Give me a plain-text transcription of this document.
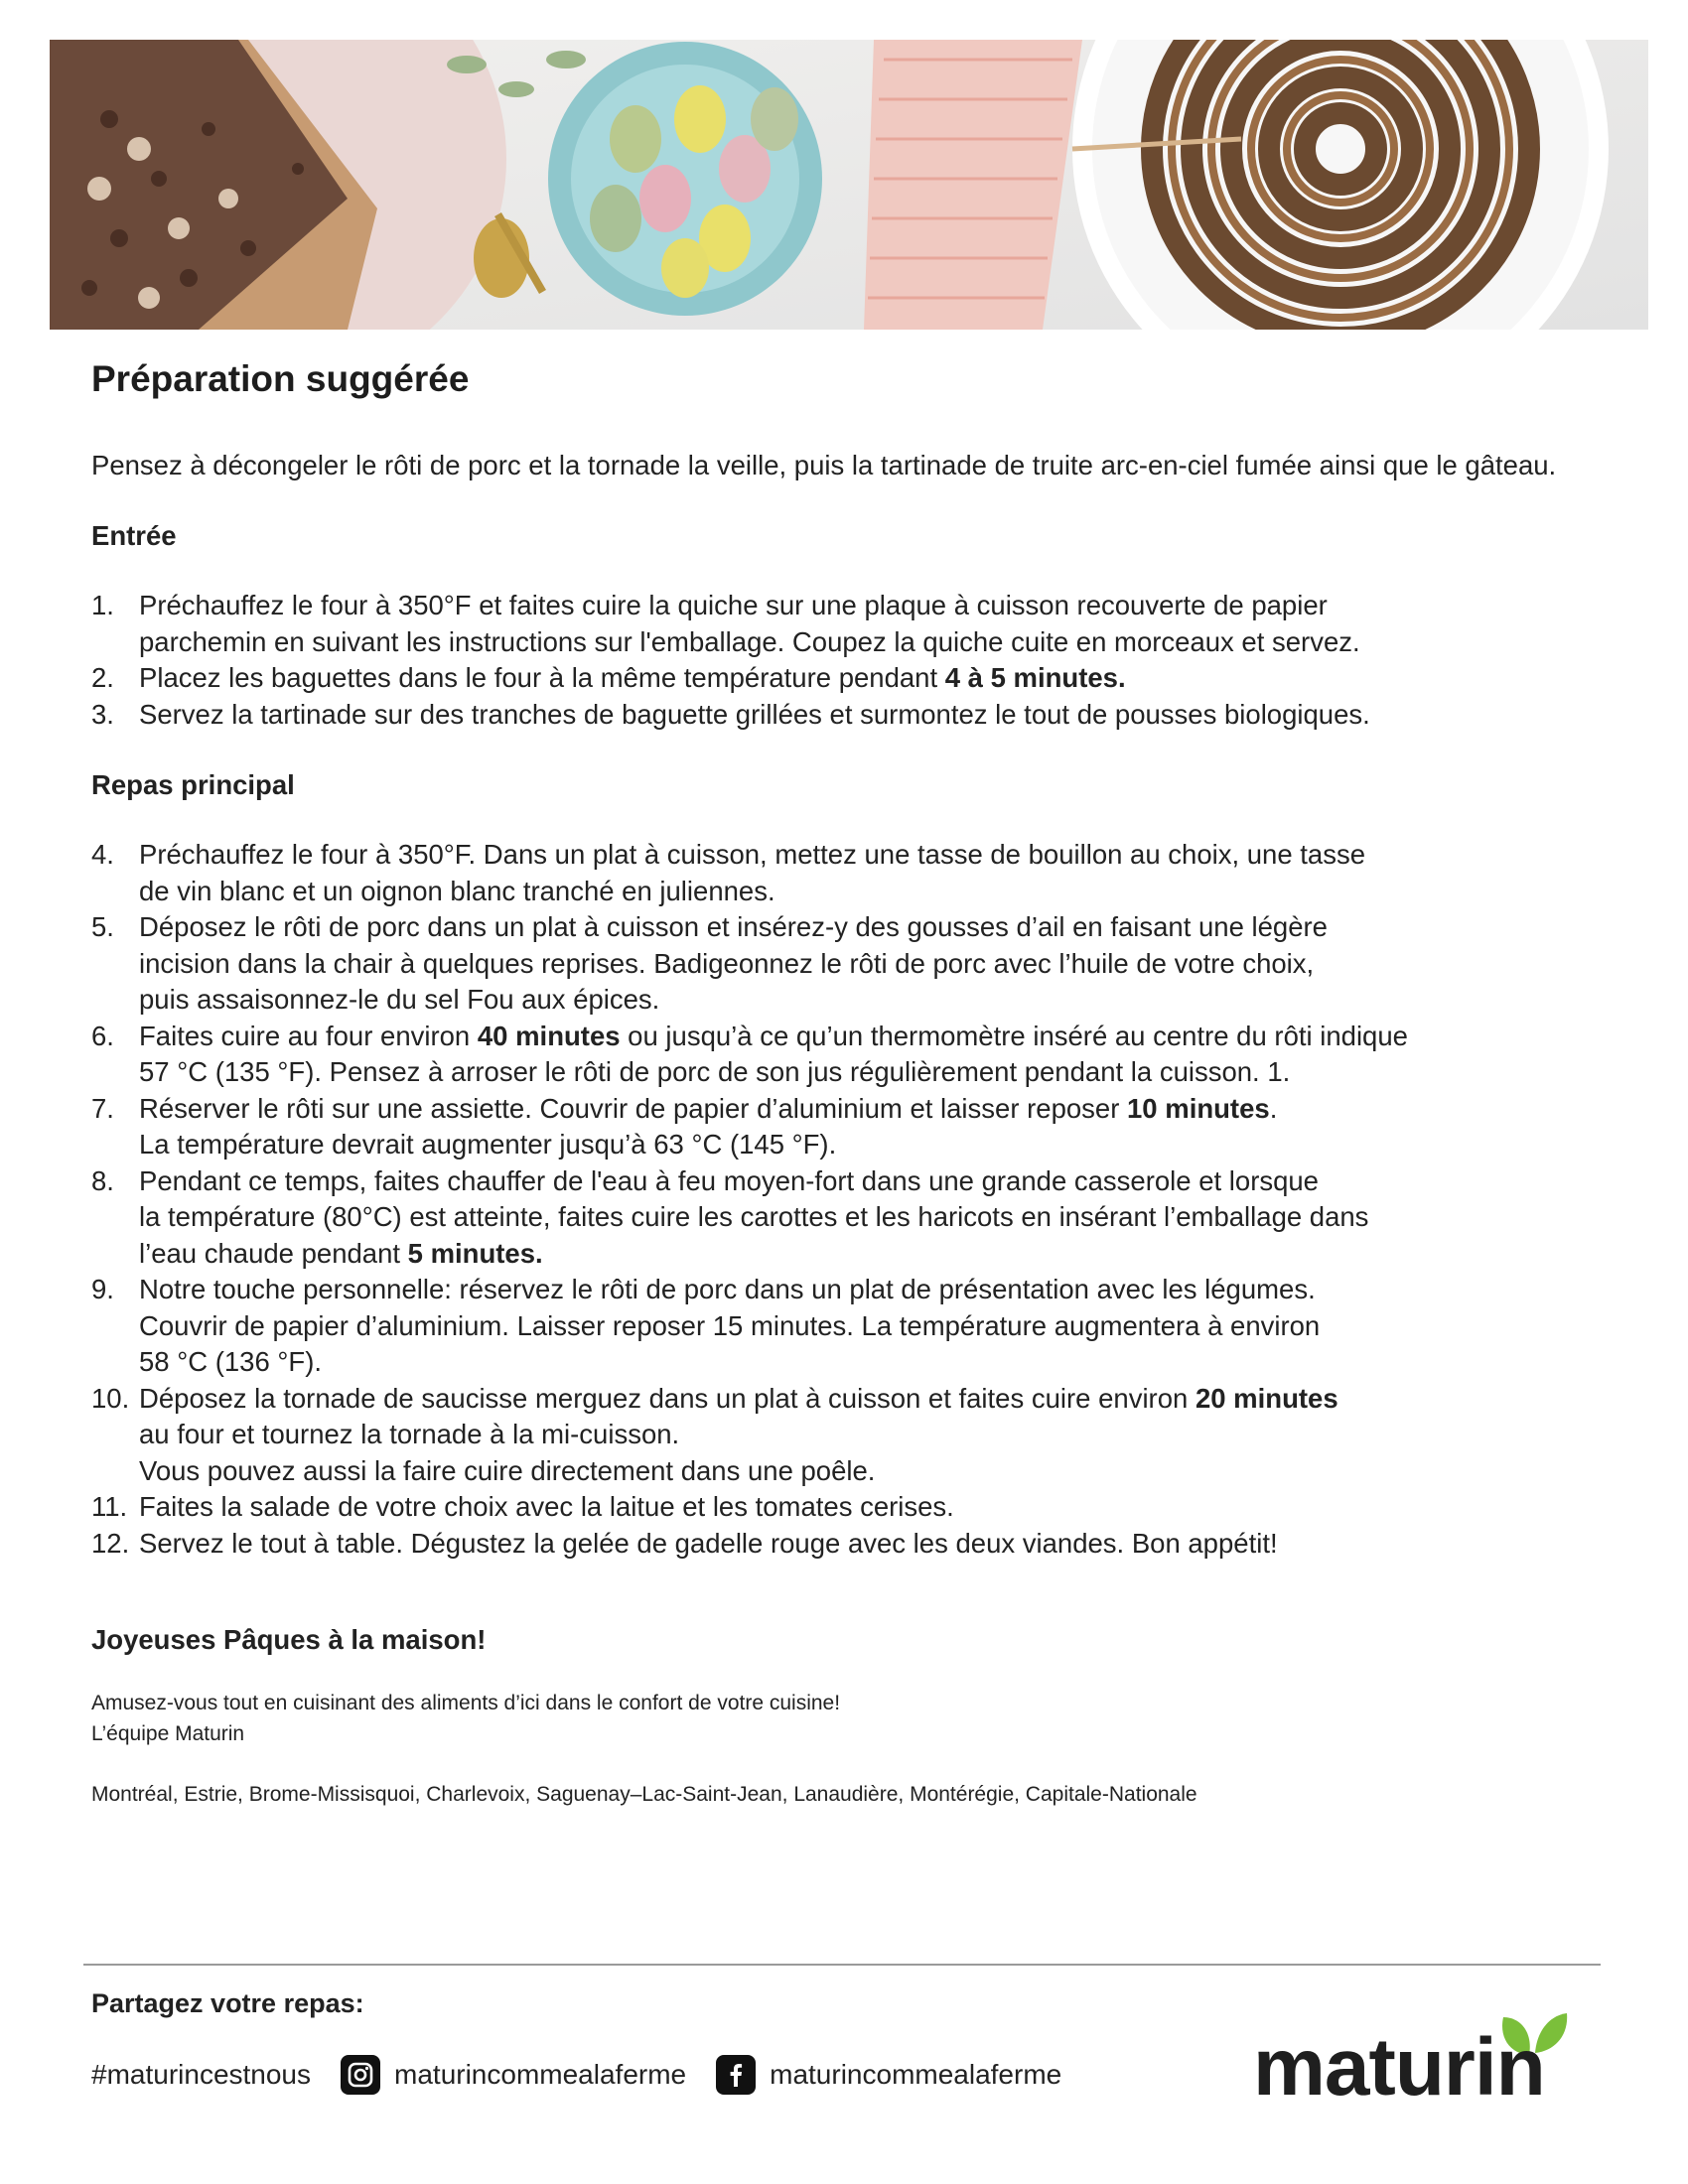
Préparation suggérée

Pensez à décongeler le rôti de porc et la tornade la veille, puis la tartinade de truite arc-en-ciel fumée ainsi que le gâteau.

Entrée
1. Préchauffez le four à 350°F et faites cuire la quiche sur une plaque à cuisson recouverte de papier
parchemin en suivant les instructions sur l'emballage. Coupez la quiche cuite en morceaux et servez.
2. Placez les baguettes dans le four à la même température pendant 4 à 5 minutes.
3. Servez la tartinade sur des tranches de baguette grillées et surmontez le tout de pousses biologiques.
Repas principal
4. Préchauffez le four à 350°F. Dans un plat à cuisson, mettez une tasse de bouillon au choix, une tasse
de vin blanc et un oignon blanc tranché en juliennes.
5. Déposez le rôti de porc dans un plat à cuisson et insérez-y des gousses d’ail en faisant une légère
incision dans la chair à quelques reprises. Badigeonnez le rôti de porc avec l’huile de votre choix,
puis assaisonnez-le du sel Fou aux épices.
6. Faites cuire au four environ 40 minutes ou jusqu’à ce qu’un thermomètre inséré au centre du rôti indique
57 °C (135 °F). Pensez à arroser le rôti de porc de son jus régulièrement pendant la cuisson. 1.
7. Réserver le rôti sur une assiette. Couvrir de papier d’aluminium et laisser reposer 10 minutes.
La température devrait augmenter jusqu’à 63 °C (145 °F).
8. Pendant ce temps, faites chauffer de l'eau à feu moyen-fort dans une grande casserole et lorsque
la température (80°C) est atteinte, faites cuire les carottes et les haricots en insérant l’emballage dans
l’eau chaude pendant 5 minutes.
9. Notre touche personnelle: réservez le rôti de porc dans un plat de présentation avec les légumes.
Couvrir de papier d’aluminium. Laisser reposer 15 minutes. La température augmentera à environ
58 °C (136 °F).
10. Déposez la tornade de saucisse merguez dans un plat à cuisson et faites cuire environ 20 minutes
au four et tournez la tornade à la mi-cuisson.
Vous pouvez aussi la faire cuire directement dans une poêle.
11. Faites la salade de votre choix avec la laitue et les tomates cerises.
12. Servez le tout à table. Dégustez la gelée de gadelle rouge avec les deux viandes. Bon appétit!
Joyeuses Pâques à la maison!

Amusez-vous tout en cuisinant des aliments d’ici dans le confort de votre cuisine!

L’équipe Maturin

Montréal, Estrie, Brome-Missisquoi, Charlevoix, Saguenay–Lac-Saint-Jean, Lanaudière, Montérégie, Capitale-Nationale

Partagez votre repas:
#maturincestnous	maturincommealaferme	maturincommealaferme maturin
